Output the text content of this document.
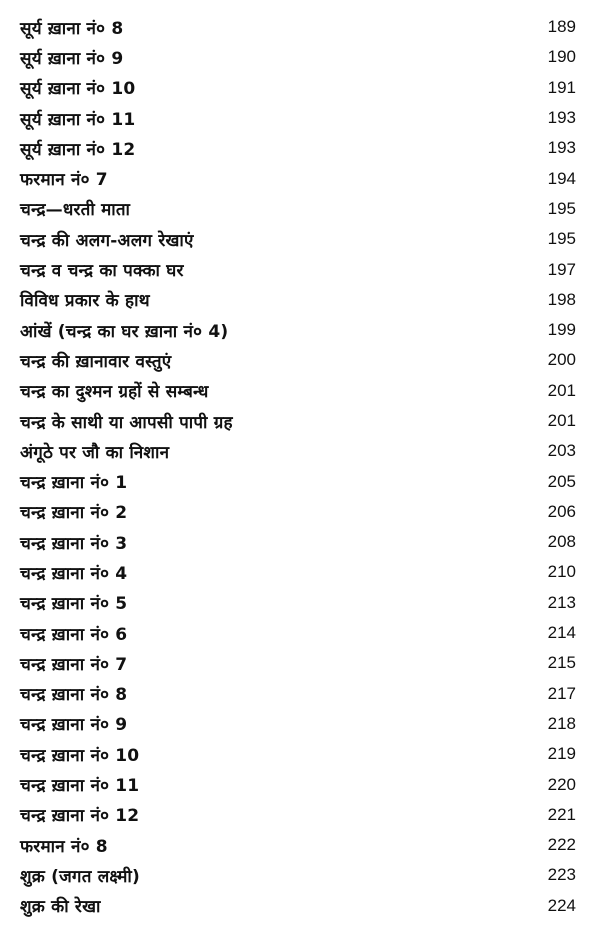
सूर्य ख़ाना नं० 8	189
सूर्य ख़ाना नं० 9	190
सूर्य ख़ाना नं० 10	191
सूर्य ख़ाना नं० 11	193
सूर्य ख़ाना नं० 12	193
फरमान नं० 7	194
चन्द्र—धरती माता	195
चन्द्र की अलग-अलग रेखाएं	195
चन्द्र व चन्द्र का पक्का घर	197
विविध प्रकार के हाथ	198
आंखें (चन्द्र का घर ख़ाना नं० 4)	199
चन्द्र की ख़ानावार वस्तुएं	200
चन्द्र का दुश्मन ग्रहों से सम्बन्ध	201
चन्द्र के साथी या आपसी पापी ग्रह	201
अंगूठे पर जौ का निशान	203
चन्द्र ख़ाना नं० 1	205
चन्द्र ख़ाना नं० 2	206
चन्द्र ख़ाना नं० 3	208
चन्द्र ख़ाना नं० 4	210
चन्द्र ख़ाना नं० 5	213
चन्द्र ख़ाना नं० 6	214
चन्द्र ख़ाना नं० 7	215
चन्द्र ख़ाना नं० 8	217
चन्द्र ख़ाना नं० 9	218
चन्द्र ख़ाना नं० 10	219
चन्द्र ख़ाना नं० 11	220
चन्द्र ख़ाना नं० 12	221
फरमान नं० 8	222
शुक्र (जगत लक्ष्मी)	223
शुक्र की रेखा	224
